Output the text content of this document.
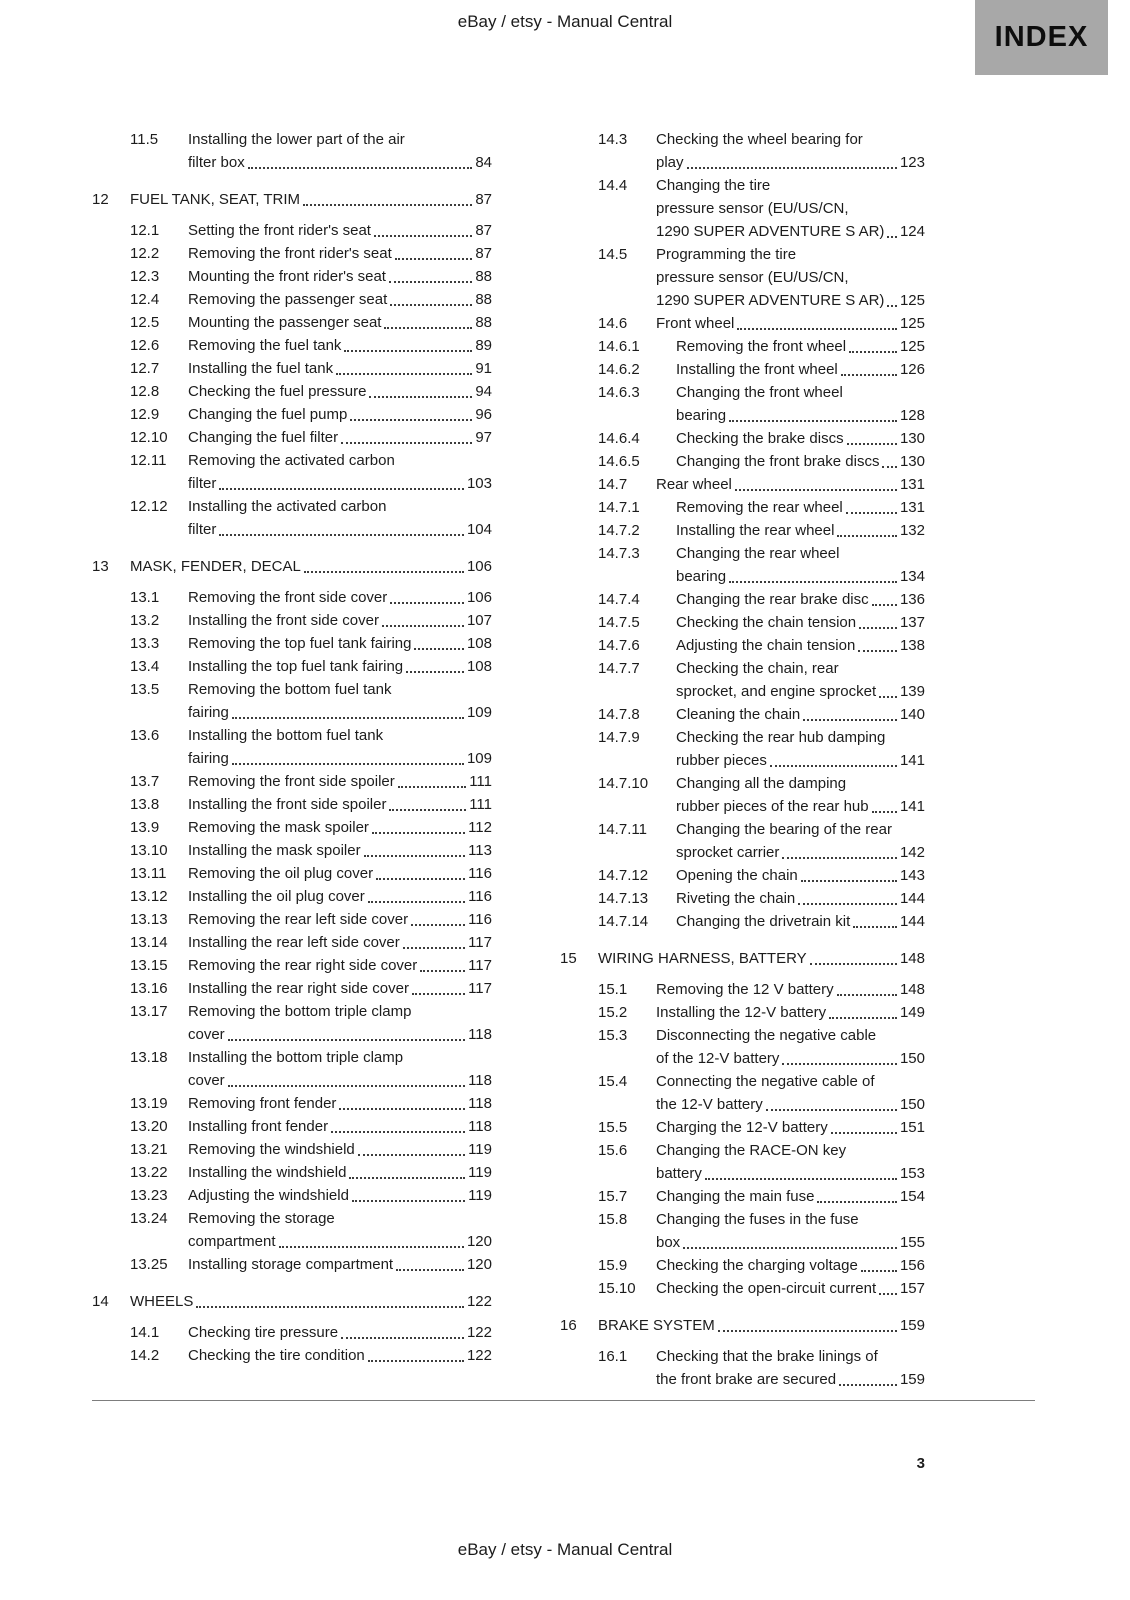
eBay / etsy - Manual Central	INDEX
11.5	Installing the lower part of the air
filter box	84
12	FUEL TANK, SEAT, TRIM	87
12.1	Setting the front rider's seat	87
12.2	Removing the front rider's seat	87
12.3	Mounting the front rider's seat	88
12.4	Removing the passenger seat	88
12.5	Mounting the passenger seat	88
12.6	Removing the fuel tank	89
12.7	Installing the fuel tank	91
12.8	Checking the fuel pressure	94
12.9	Changing the fuel pump	96
12.10	Changing the fuel filter	97
12.11	Removing the activated carbon
filter	103
12.12	Installing the activated carbon
filter	104
13	MASK, FENDER, DECAL	106
13.1	Removing the front side cover	106
13.2	Installing the front side cover	107
13.3	Removing the top fuel tank fairing	108
13.4	Installing the top fuel tank fairing	108
13.5	Removing the bottom fuel tank
fairing	109
13.6	Installing the bottom fuel tank
fairing	109
13.7	Removing the front side spoiler	111
13.8	Installing the front side spoiler	111
13.9	Removing the mask spoiler	112
13.10	Installing the mask spoiler	113
13.11	Removing the oil plug cover	116
13.12	Installing the oil plug cover	116
13.13	Removing the rear left side cover	116
13.14	Installing the rear left side cover	117
13.15	Removing the rear right side cover	117
13.16	Installing the rear right side cover	117
13.17	Removing the bottom triple clamp
cover	118
13.18	Installing the bottom triple clamp
cover	118
13.19	Removing front fender	118
13.20	Installing front fender	118
13.21	Removing the windshield	119
13.22	Installing the windshield	119
13.23	Adjusting the windshield	119
13.24	Removing the storage
compartment	120
13.25	Installing storage compartment	120
14	WHEELS	122
14.1	Checking tire pressure	122
14.2	Checking the tire condition	122
14.3	Checking the wheel bearing for
play	123
14.4	Changing the tire
pressure sensor (EU/US/CN,
1290 SUPER ADVENTURE S AR) 124
14.5	Programming the tire
pressure sensor (EU/US/CN,
1290 SUPER ADVENTURE S AR) 125
14.6	Front wheel	125
14.6.1	Removing the front wheel	125
14.6.2	Installing the front wheel	126
14.6.3	Changing the front wheel
bearing	128
14.6.4	Checking the brake discs	130
14.6.5	Changing the front brake discs 130
14.7	Rear wheel	131
14.7.1	Removing the rear wheel	131
14.7.2	Installing the rear wheel	132
14.7.3	Changing the rear wheel
bearing	134
14.7.4	Changing the rear brake disc 136
14.7.5	Checking the chain tension	137
14.7.6	Adjusting the chain tension	138
14.7.7	Checking the chain, rear
sprocket, and engine sprocket 139
14.7.8	Cleaning the chain	140
14.7.9	Checking the rear hub damping
rubber pieces	141
14.7.10	Changing all the damping
rubber pieces of the rear hub 141
14.7.11	Changing the bearing of the rear
sprocket carrier	142
14.7.12	Opening the chain	143
14.7.13	Riveting the chain	144
14.7.14	Changing the drivetrain kit	144
15	WIRING HARNESS, BATTERY	148
15.1	Removing the 12 V battery	148
15.2	Installing the 12-V battery	149
15.3	Disconnecting the negative cable
of the 12-V battery	150
15.4	Connecting the negative cable of
the 12-V battery	150
15.5	Charging the 12-V battery	151
15.6	Changing the RACE-ON key
battery	153
15.7	Changing the main fuse	154
15.8	Changing the fuses in the fuse
box	155
15.9	Checking the charging voltage	156
15.10	Checking the open-circuit current 157
16	BRAKE SYSTEM	159
16.1	Checking that the brake linings of
the front brake are secured	159
3
eBay / etsy - Manual Central
